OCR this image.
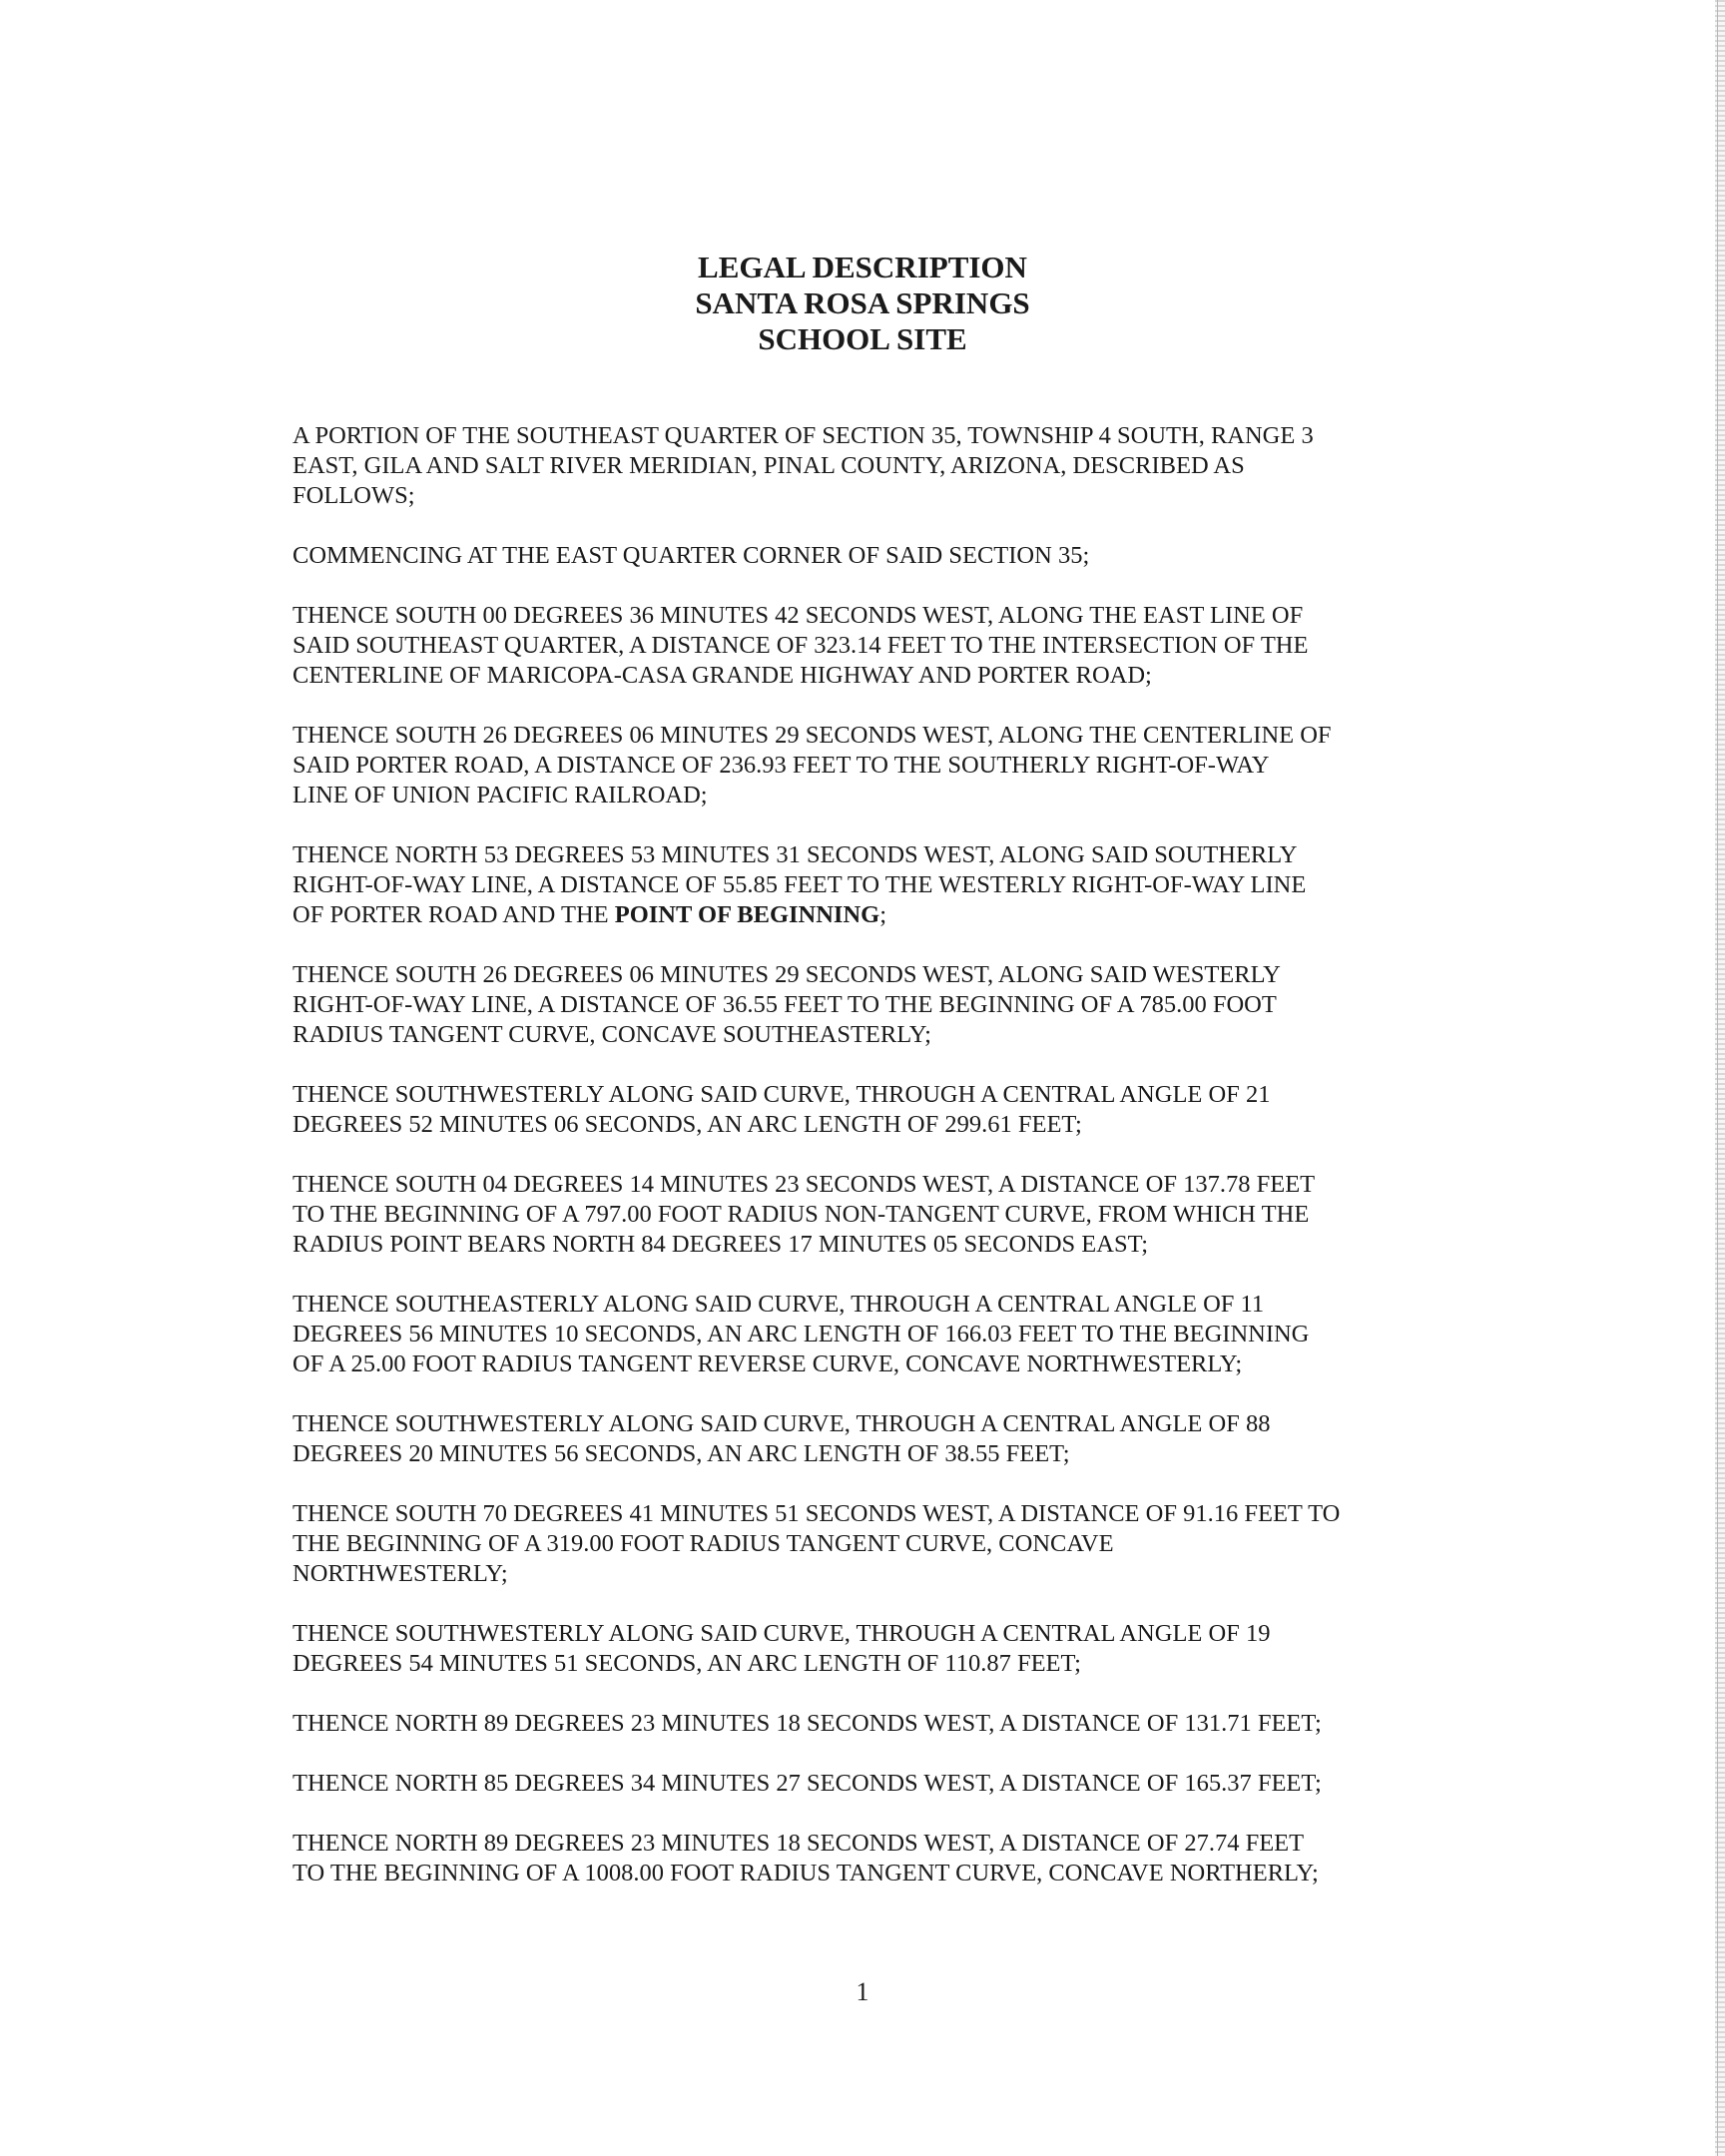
LEGAL DESCRIPTION
SANTA ROSA SPRINGS
SCHOOL SITE

A PORTION OF THE SOUTHEAST QUARTER OF SECTION 35, TOWNSHIP 4 SOUTH, RANGE 3
EAST, GILA AND SALT RIVER MERIDIAN, PINAL COUNTY, ARIZONA, DESCRIBED AS
FOLLOWS;

COMMENCING AT THE EAST QUARTER CORNER OF SAID SECTION 35;

THENCE SOUTH 00 DEGREES 36 MINUTES 42 SECONDS WEST, ALONG THE EAST LINE OF
SAID SOUTHEAST QUARTER, A DISTANCE OF 323.14 FEET TO THE INTERSECTION OF THE
CENTERLINE OF MARICOPA-CASA GRANDE HIGHWAY AND PORTER ROAD;

THENCE SOUTH 26 DEGREES 06 MINUTES 29 SECONDS WEST, ALONG THE CENTERLINE OF
SAID PORTER ROAD, A DISTANCE OF 236.93 FEET TO THE SOUTHERLY RIGHT-OF-WAY
LINE OF UNION PACIFIC RAILROAD;

THENCE NORTH 53 DEGREES 53 MINUTES 31 SECONDS WEST, ALONG SAID SOUTHERLY
RIGHT-OF-WAY LINE, A DISTANCE OF 55.85 FEET TO THE WESTERLY RIGHT-OF-WAY LINE
OF PORTER ROAD AND THE POINT OF BEGINNING;

THENCE SOUTH 26 DEGREES 06 MINUTES 29 SECONDS WEST, ALONG SAID WESTERLY
RIGHT-OF-WAY LINE, A DISTANCE OF 36.55 FEET TO THE BEGINNING OF A 785.00 FOOT
RADIUS TANGENT CURVE, CONCAVE SOUTHEASTERLY;

THENCE SOUTHWESTERLY ALONG SAID CURVE, THROUGH A CENTRAL ANGLE OF 21
DEGREES 52 MINUTES 06 SECONDS, AN ARC LENGTH OF 299.61 FEET;

THENCE SOUTH 04 DEGREES 14 MINUTES 23 SECONDS WEST, A DISTANCE OF 137.78 FEET
TO THE BEGINNING OF A 797.00 FOOT RADIUS NON-TANGENT CURVE, FROM WHICH THE
RADIUS POINT BEARS NORTH 84 DEGREES 17 MINUTES 05 SECONDS EAST;

THENCE SOUTHEASTERLY ALONG SAID CURVE, THROUGH A CENTRAL ANGLE OF 11
DEGREES 56 MINUTES 10 SECONDS, AN ARC LENGTH OF 166.03 FEET TO THE BEGINNING
OF A 25.00 FOOT RADIUS TANGENT REVERSE CURVE, CONCAVE NORTHWESTERLY;

THENCE SOUTHWESTERLY ALONG SAID CURVE, THROUGH A CENTRAL ANGLE OF 88
DEGREES 20 MINUTES 56 SECONDS, AN ARC LENGTH OF 38.55 FEET;

THENCE SOUTH 70 DEGREES 41 MINUTES 51 SECONDS WEST, A DISTANCE OF 91.16 FEET TO
THE BEGINNING OF A 319.00 FOOT RADIUS TANGENT CURVE, CONCAVE
NORTHWESTERLY;

THENCE SOUTHWESTERLY ALONG SAID CURVE, THROUGH A CENTRAL ANGLE OF 19
DEGREES 54 MINUTES 51 SECONDS, AN ARC LENGTH OF 110.87 FEET;

THENCE NORTH 89 DEGREES 23 MINUTES 18 SECONDS WEST, A DISTANCE OF 131.71 FEET;

THENCE NORTH 85 DEGREES 34 MINUTES 27 SECONDS WEST, A DISTANCE OF 165.37 FEET;

THENCE NORTH 89 DEGREES 23 MINUTES 18 SECONDS WEST, A DISTANCE OF 27.74 FEET
TO THE BEGINNING OF A 1008.00 FOOT RADIUS TANGENT CURVE, CONCAVE NORTHERLY;

1
